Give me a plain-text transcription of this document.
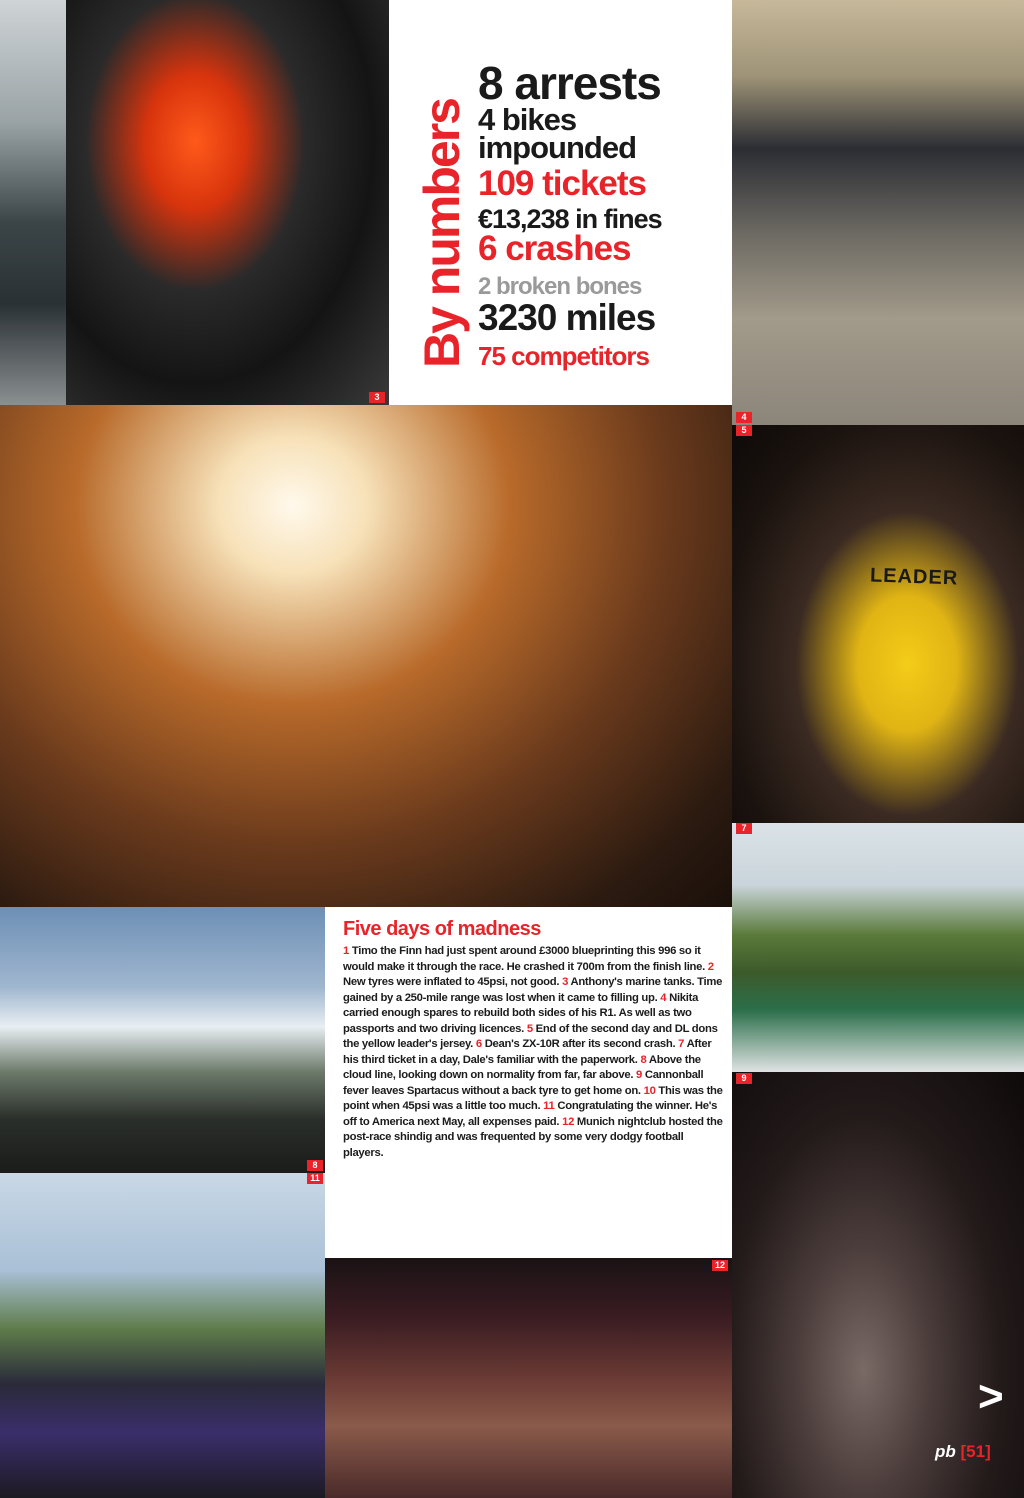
LEADER
3
4
5
7
9
8
11
12
By numbers
8 arrests
4 bikes
impounded
109 tickets
€13,238 in fines
6 crashes
2 broken bones
3230 miles
75 competitors
Five days of madness
1 Timo the Finn had just spent around £3000 blueprinting this 996 so it would make it through the race. He crashed it 700m from the finish line. 2 New tyres were inflated to 45psi, not good. 3 Anthony's marine tanks. Time gained by a 250-mile range was lost when it came to filling up. 4 Nikita carried enough spares to rebuild both sides of his R1. As well as two passports and two driving licences. 5 End of the second day and DL dons the yellow leader's jersey. 6 Dean's ZX-10R after its second crash. 7 After his third ticket in a day, Dale's familiar with the paperwork. 8 Above the cloud line, looking down on normality from far, far above. 9 Cannonball fever leaves Spartacus without a back tyre to get home on. 10 This was the point when 45psi was a little too much. 11 Congratulating the winner. He's off to America next May, all expenses paid. 12 Munich nightclub hosted the post-race shindig and was frequented by some very dodgy football players.
>
pb [51]
